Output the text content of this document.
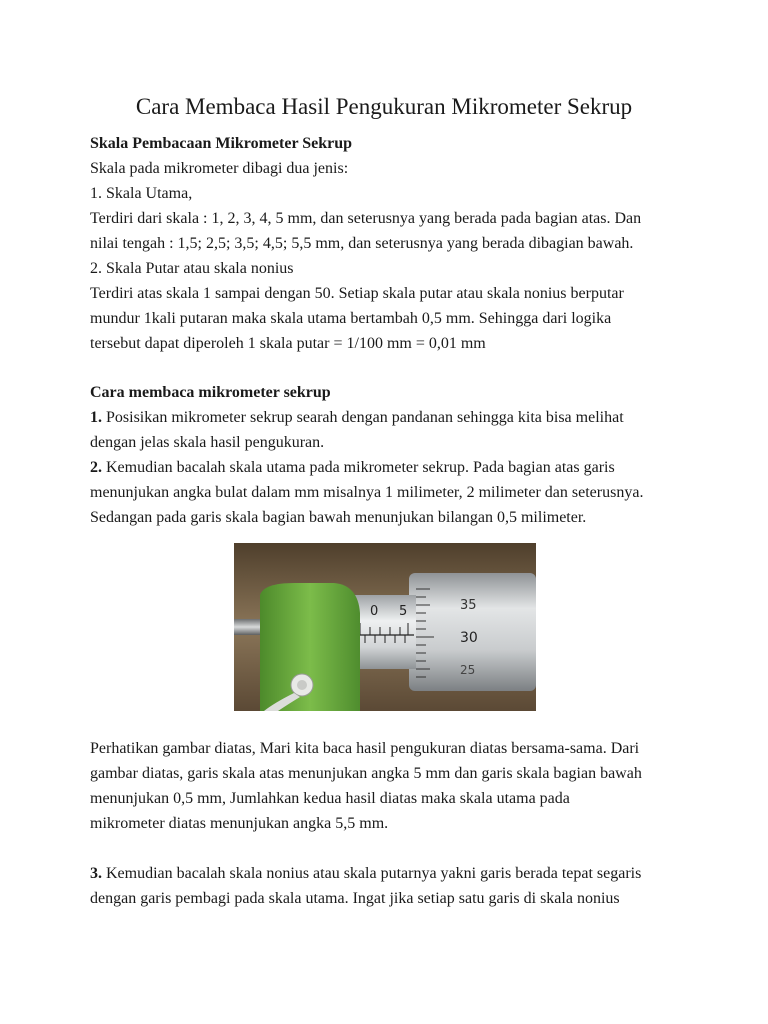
Cara Membaca Hasil Pengukuran Mikrometer Sekrup

Skala Pembacaan Mikrometer Sekrup

Skala pada mikrometer dibagi dua jenis:

1. Skala Utama,

Terdiri dari skala : 1, 2, 3, 4, 5 mm, dan seterusnya yang berada pada bagian atas. Dan

nilai tengah : 1,5; 2,5; 3,5; 4,5; 5,5 mm, dan seterusnya yang berada dibagian bawah.

2. Skala Putar atau skala nonius

Terdiri atas skala 1 sampai dengan 50. Setiap skala putar atau skala nonius berputar

mundur 1kali putaran maka skala utama bertambah 0,5 mm. Sehingga dari logika

tersebut dapat diperoleh 1 skala putar = 1/100 mm = 0,01 mm

Cara membaca mikrometer sekrup

1. Posisikan mikrometer sekrup searah dengan pandanan sehingga kita bisa melihat

dengan jelas skala hasil pengukuran.

2. Kemudian bacalah skala utama pada mikrometer sekrup. Pada bagian atas garis

menunjukan angka bulat dalam mm misalnya 1 milimeter, 2 milimeter dan seterusnya.

Sedangan pada garis skala bagian bawah menunjukan bilangan 0,5 milimeter.

0 5	35
30
25

Perhatikan gambar diatas, Mari kita baca hasil pengukuran diatas bersama-sama. Dari

gambar diatas, garis skala atas menunjukan angka 5 mm dan garis skala bagian bawah

menunjukan 0,5 mm, Jumlahkan kedua hasil diatas maka skala utama pada

mikrometer diatas menunjukan angka 5,5 mm.

3. Kemudian bacalah skala nonius atau skala putarnya yakni garis berada tepat segaris

dengan garis pembagi pada skala utama. Ingat jika setiap satu garis di skala nonius
